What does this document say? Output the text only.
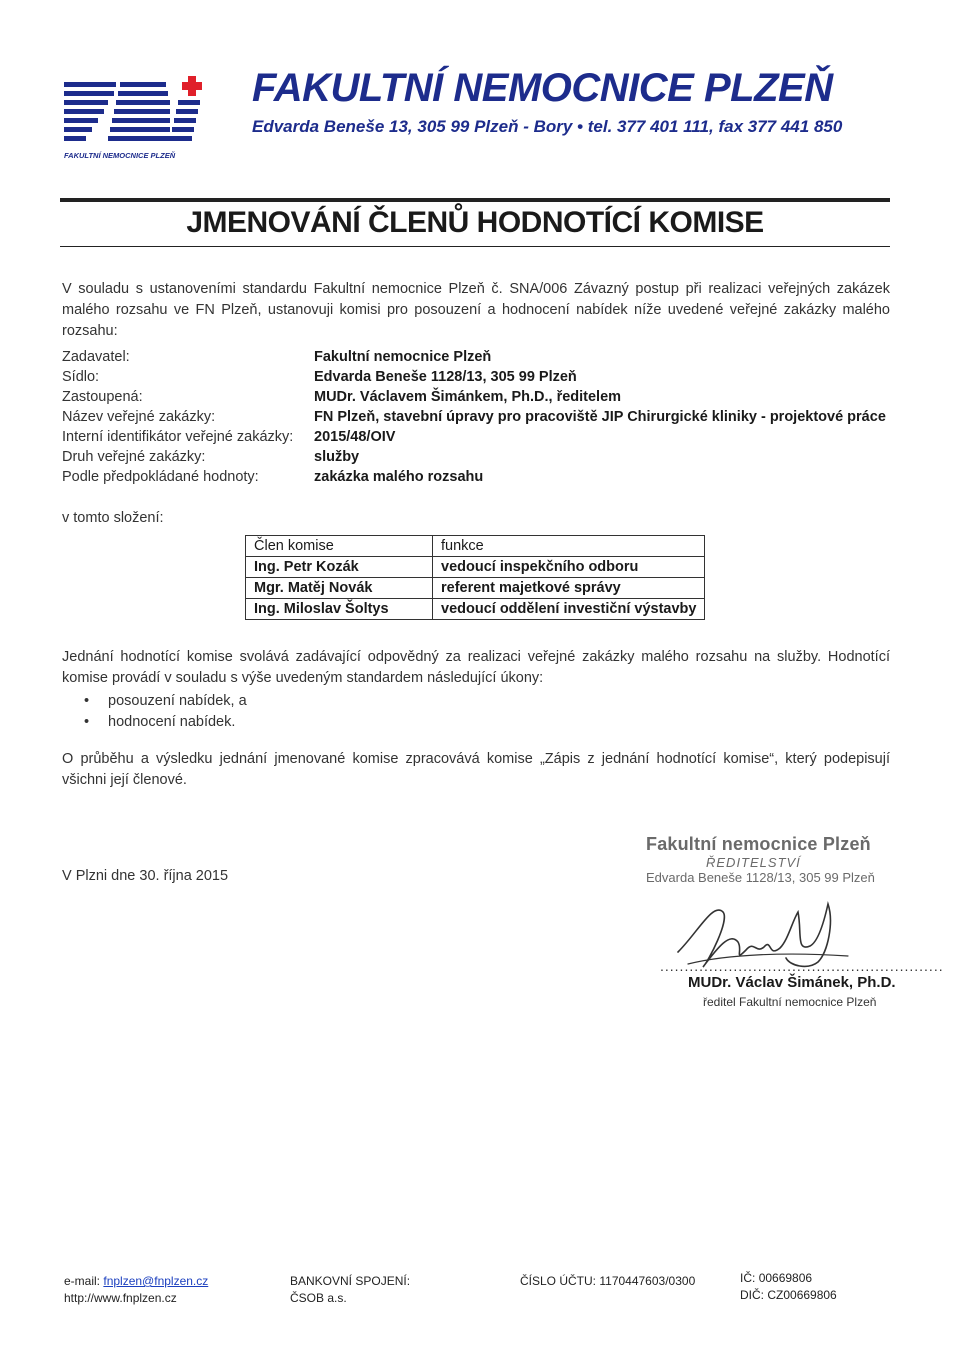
FAKULTNÍ NEMOCNICE PLZEŇ
FAKULTNÍ NEMOCNICE PLZEŇ
Edvarda Beneše 13, 305 99 Plzeň - Bory • tel. 377 401 111, fax 377 441 850
JMENOVÁNÍ ČLENŮ HODNOTÍCÍ KOMISE
V souladu s ustanoveními standardu Fakultní nemocnice Plzeň č. SNA/006 Závazný postup při realizaci veřejných zakázek malého rozsahu ve FN Plzeň, ustanovuji komisi pro posouzení a hodnocení nabídek níže uvedené veřejné zakázky malého rozsahu:
Zadavatel:	Fakultní nemocnice Plzeň
Sídlo:	Edvarda Beneše 1128/13, 305 99 Plzeň
Zastoupená:	MUDr. Václavem Šimánkem, Ph.D., ředitelem
Název veřejné zakázky:	FN Plzeň, stavební úpravy pro pracoviště JIP Chirurgické kliniky - projektové práce
Interní identifikátor veřejné zakázky: 2015/48/OIV
Druh veřejné zakázky:	služby
Podle předpokládané hodnoty:	zakázka malého rozsahu
v tomto složení:
Člen komise	funkce
Ing. Petr Kozák	vedoucí inspekčního odboru
Mgr. Matěj Novák	referent majetkové správy
Ing. Miloslav Šoltys	vedoucí oddělení investiční výstavby
Jednání hodnotící komise svolává zadávající odpovědný za realizaci veřejné zakázky malého rozsahu na služby. Hodnotící komise provádí v souladu s výše uvedeným standardem následující úkony:
• posouzení nabídek, a
• hodnocení nabídek.
O průběhu a výsledku jednání jmenované komise zpracovává komise „Zápis z jednání hodnotící komise“, který podepisují všichni její členové.
V Plzni dne 30. října 2015
Fakultní nemocnice Plzeň
ŘEDITELSTVÍ
Edvarda Beneše 1128/13, 305 99 Plzeň
..........................................................
MUDr. Václav Šimánek, Ph.D.
ředitel Fakultní nemocnice Plzeň
e-mail: fnplzen@fnplzen.cz
http://www.fnplzen.cz
BANKOVNÍ SPOJENÍ:
ČSOB a.s.
ČÍSLO ÚČTU: 1170447603/0300	IČ: 00669806
DIČ: CZ00669806
